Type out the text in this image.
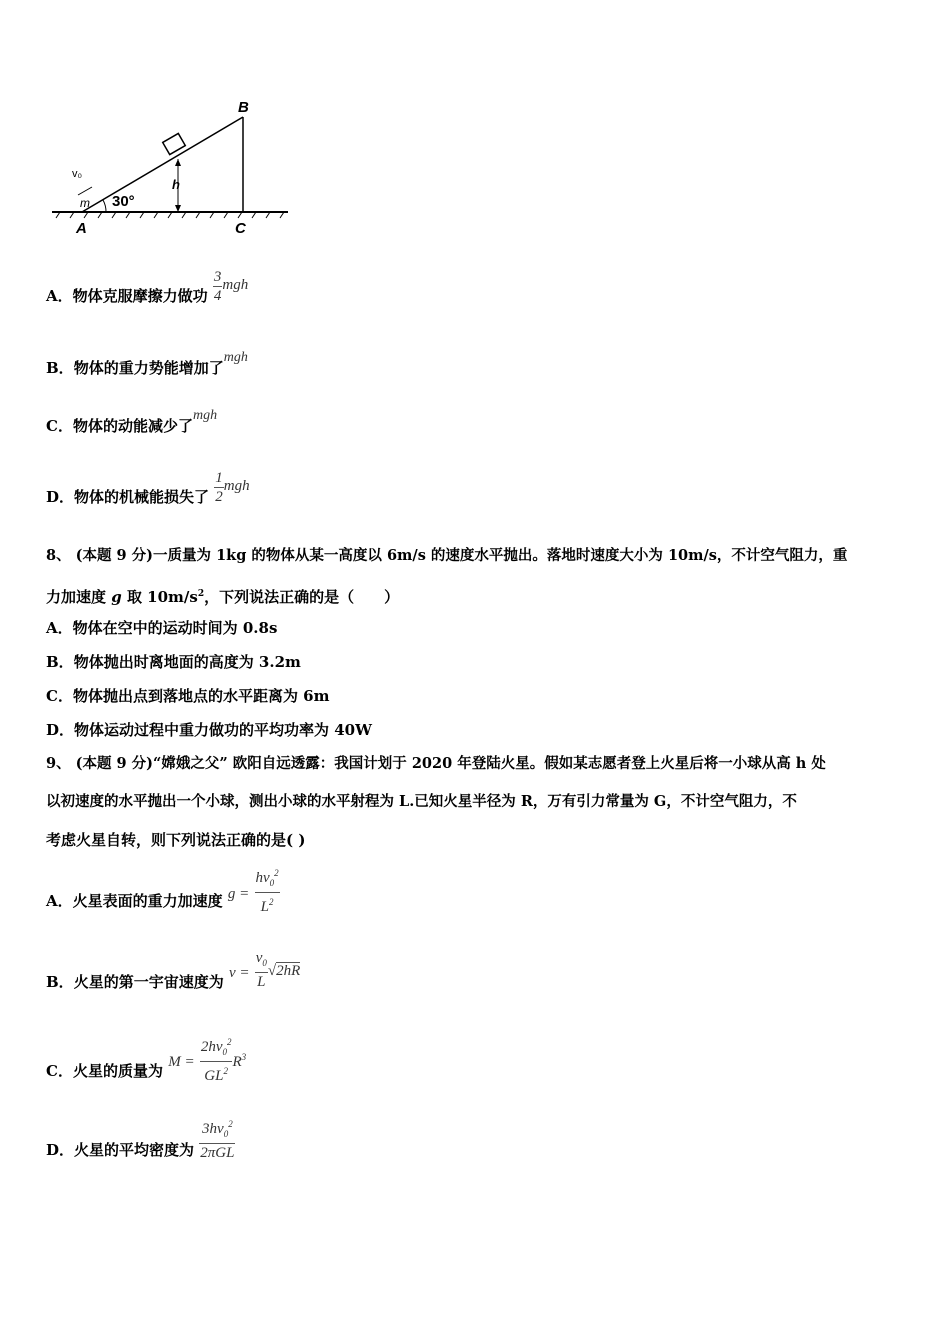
B
A	C
h
m
v₀
30°
A．物体克服摩擦力做功 $\frac{3}{4}$ mgh
B．物体的重力势能增加了mgh
C．物体的动能减少了mgh
D．物体的机械能损失了 $\frac{1}{2}$ mgh
8、 (本题 9 分)一质量为 1kg 的物体从某一高度以 6m/s 的速度水平抛出。落地时速度大小为 10m/s，不计空气阻力，重
力加速度 g 取 $10m/s^2$，下列说法正确的是（　　）
A．物体在空中的运动时间为 0.8s
B．物体抛出时离地面的高度为 3.2m
C．物体抛出点到落地点的水平距离为 6m
D．物体运动过程中重力做功的平均功率为 40W
9、 (本题 9 分)“嫦娥之父” 欧阳自远透露：我国计划于 2020 年登陆火星。假如某志愿者登上火星后将一小球从高 h 处
以初速度的水平抛出一个小球，测出小球的水平射程为 L.已知火星半径为 R，万有引力常量为 G，不计空气阻力，不
考虑火星自转，则下列说法正确的是( )
A．火星表面的重力加速度 $g = \frac{hv_0^2}{L^2}$
B．火星的第一宇宙速度为 $v = \frac{v_0}{L} √2hR$
C．火星的质量为 $M = \frac{2hv_0^2}{GL^2} R^3$
D．火星的平均密度为 $\frac{3hv_0^2}{\text{2πGL}}$
